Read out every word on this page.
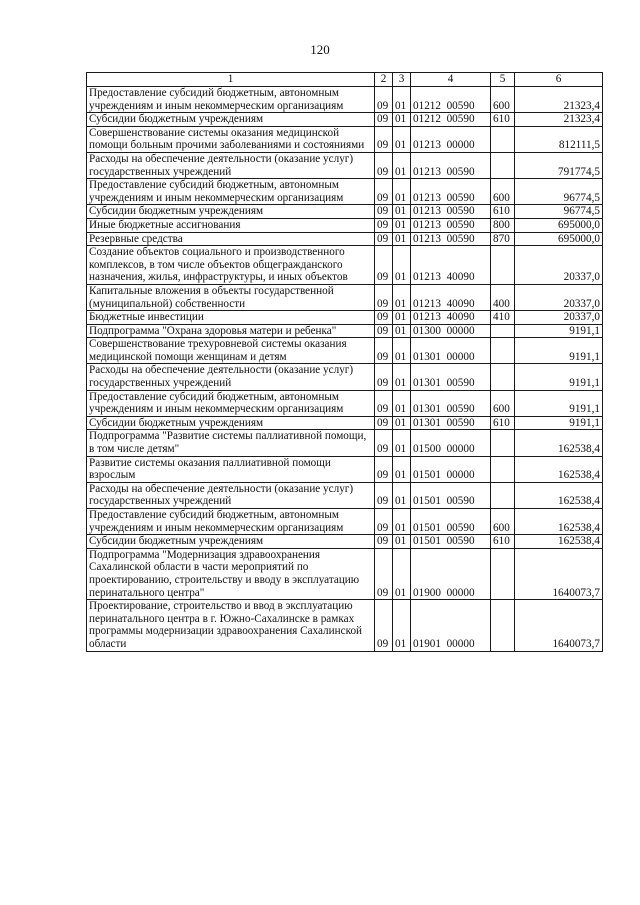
120
1	2	3	4	5	6
Предоставление субсидий бюджетным, автономным учреждениям и иным некоммерческим организациям	09	01	01212  00590	600	21323,4
Субсидии бюджетным учреждениям	09	01	01212  00590	610	21323,4
Совершенствование системы оказания медицинской помощи больным прочими заболеваниями и состояниями	09	01	01213  00000		812111,5
Расходы на обеспечение деятельности (оказание услуг) государственных учреждений	09	01	01213  00590		791774,5
Предоставление субсидий бюджетным, автономным учреждениям и иным некоммерческим организациям	09	01	01213  00590	600	96774,5
Субсидии бюджетным учреждениям	09	01	01213  00590	610	96774,5
Иные бюджетные ассигнования	09	01	01213  00590	800	695000,0
Резервные средства	09	01	01213  00590	870	695000,0
Создание объектов социального и производственного комплексов, в том числе объектов общегражданского назначения, жилья, инфраструктуры, и иных объектов	09	01	01213  40090		20337,0
Капитальные вложения в объекты государственной (муниципальной) собственности	09	01	01213  40090	400	20337,0
Бюджетные инвестиции	09	01	01213  40090	410	20337,0
Подпрограмма "Охрана здоровья матери и ребенка"	09	01	01300  00000		9191,1
Совершенствование трехуровневой системы оказания медицинской помощи женщинам и детям	09	01	01301  00000		9191,1
Расходы на обеспечение деятельности (оказание услуг) государственных учреждений	09	01	01301  00590		9191,1
Предоставление субсидий бюджетным, автономным учреждениям и иным некоммерческим организациям	09	01	01301  00590	600	9191,1
Субсидии бюджетным учреждениям	09	01	01301  00590	610	9191,1
Подпрограмма "Развитие системы паллиативной помощи, в том числе детям"	09	01	01500  00000		162538,4
Развитие системы оказания паллиативной помощи взрослым	09	01	01501  00000		162538,4
Расходы на обеспечение деятельности (оказание услуг) государственных учреждений	09	01	01501  00590		162538,4
Предоставление субсидий бюджетным, автономным учреждениям и иным некоммерческим организациям	09	01	01501  00590	600	162538,4
Субсидии бюджетным учреждениям	09	01	01501  00590	610	162538,4
Подпрограмма "Модернизация здравоохранения Сахалинской области в части мероприятий по проектированию, строительству и вводу в эксплуатацию перинатального центра"	09	01	01900  00000		1640073,7
Проектирование, строительство и ввод в эксплуатацию перинатального центра в г. Южно-Сахалинске в рамках программы модернизации здравоохранения Сахалинской области	09	01	01901  00000		1640073,7
